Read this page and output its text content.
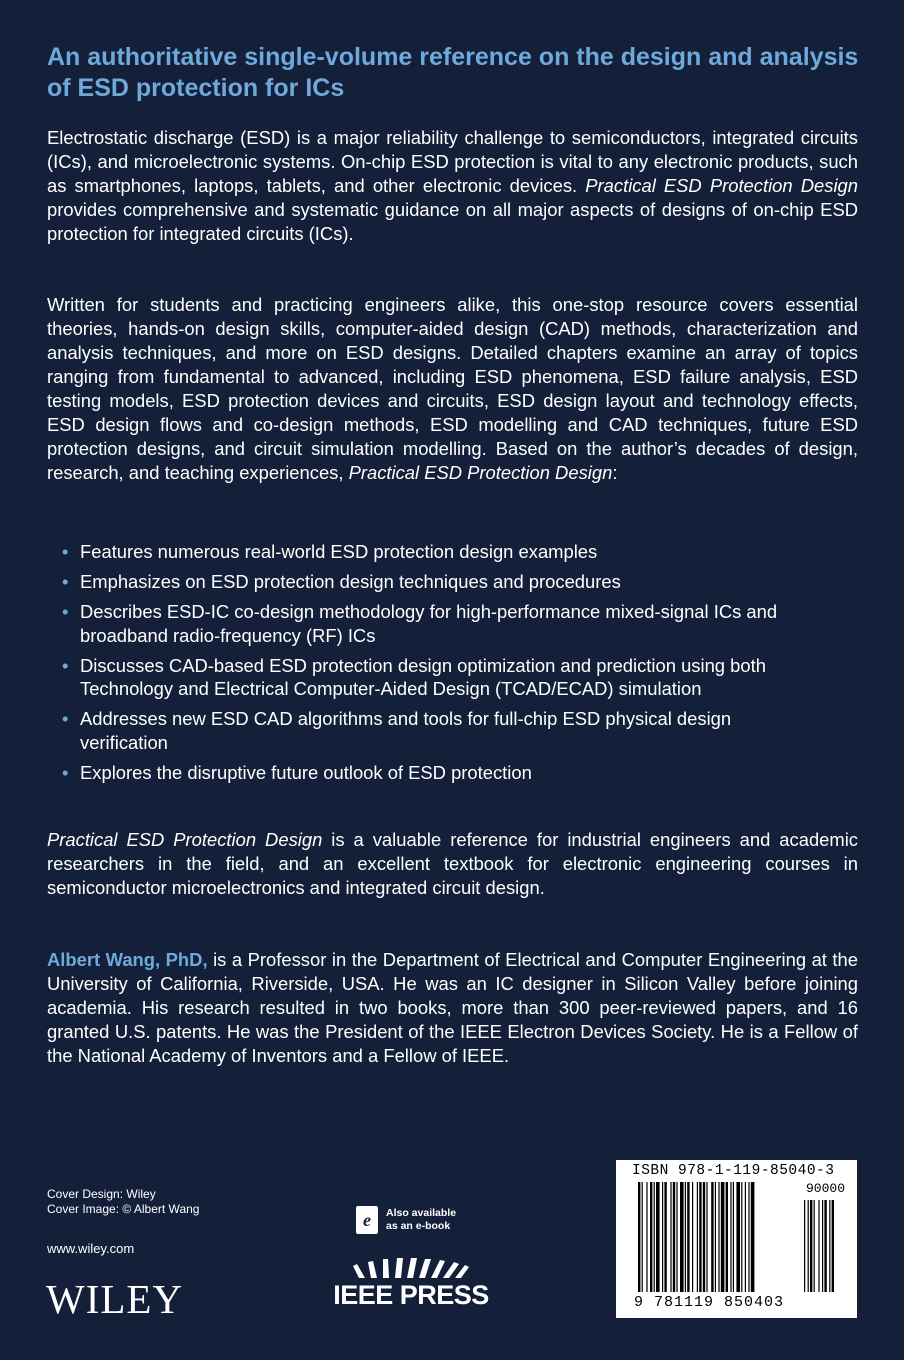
An authoritative single-volume reference on the design and analysis of ESD protection for ICs

Electrostatic discharge (ESD) is a major reliability challenge to semiconductors, integrated circuits (ICs), and microelectronic systems. On-chip ESD protection is vital to any electronic products, such as smartphones, laptops, tablets, and other electronic devices. Practical ESD Protection Design provides comprehensive and systematic guidance on all major aspects of designs of on-chip ESD protection for integrated circuits (ICs).

Written for students and practicing engineers alike, this one-stop resource covers essential theories, hands-on design skills, computer-aided design (CAD) methods, characterization and analysis techniques, and more on ESD designs. Detailed chapters examine an array of topics ranging from fundamental to advanced, including ESD phenomena, ESD failure analysis, ESD testing models, ESD protection devices and circuits, ESD design layout and technology effects, ESD design flows and co-design methods, ESD modelling and CAD techniques, future ESD protection designs, and circuit simulation modelling. Based on the author’s decades of design, research, and teaching experiences, Practical ESD Protection Design:

• Features numerous real-world ESD protection design examples
• Emphasizes on ESD protection design techniques and procedures
• Describes ESD-IC co-design methodology for high-performance mixed-signal ICs and broadband radio-frequency (RF) ICs
• Discusses CAD-based ESD protection design optimization and prediction using both Technology and Electrical Computer-Aided Design (TCAD/ECAD) simulation
• Addresses new ESD CAD algorithms and tools for full-chip ESD physical design verification
• Explores the disruptive future outlook of ESD protection

Practical ESD Protection Design is a valuable reference for industrial engineers and academic researchers in the field, and an excellent textbook for electronic engineering courses in semiconductor microelectronics and integrated circuit design.

Albert Wang, PhD, is a Professor in the Department of Electrical and Computer Engineering at the University of California, Riverside, USA. He was an IC designer in Silicon Valley before joining academia. His research resulted in two books, more than 300 peer-reviewed papers, and 16 granted U.S. patents. He was the President of the IEEE Electron Devices Society. He is a Fellow of the National Academy of Inventors and a Fellow of IEEE.

Cover Design: Wiley
Cover Image: © Albert Wang
www.wiley.com
WILEY
e	Also available
as an e-book
IEEE PRESS
ISBN 978-1-119-85040-3
90000
9 781119 850403
